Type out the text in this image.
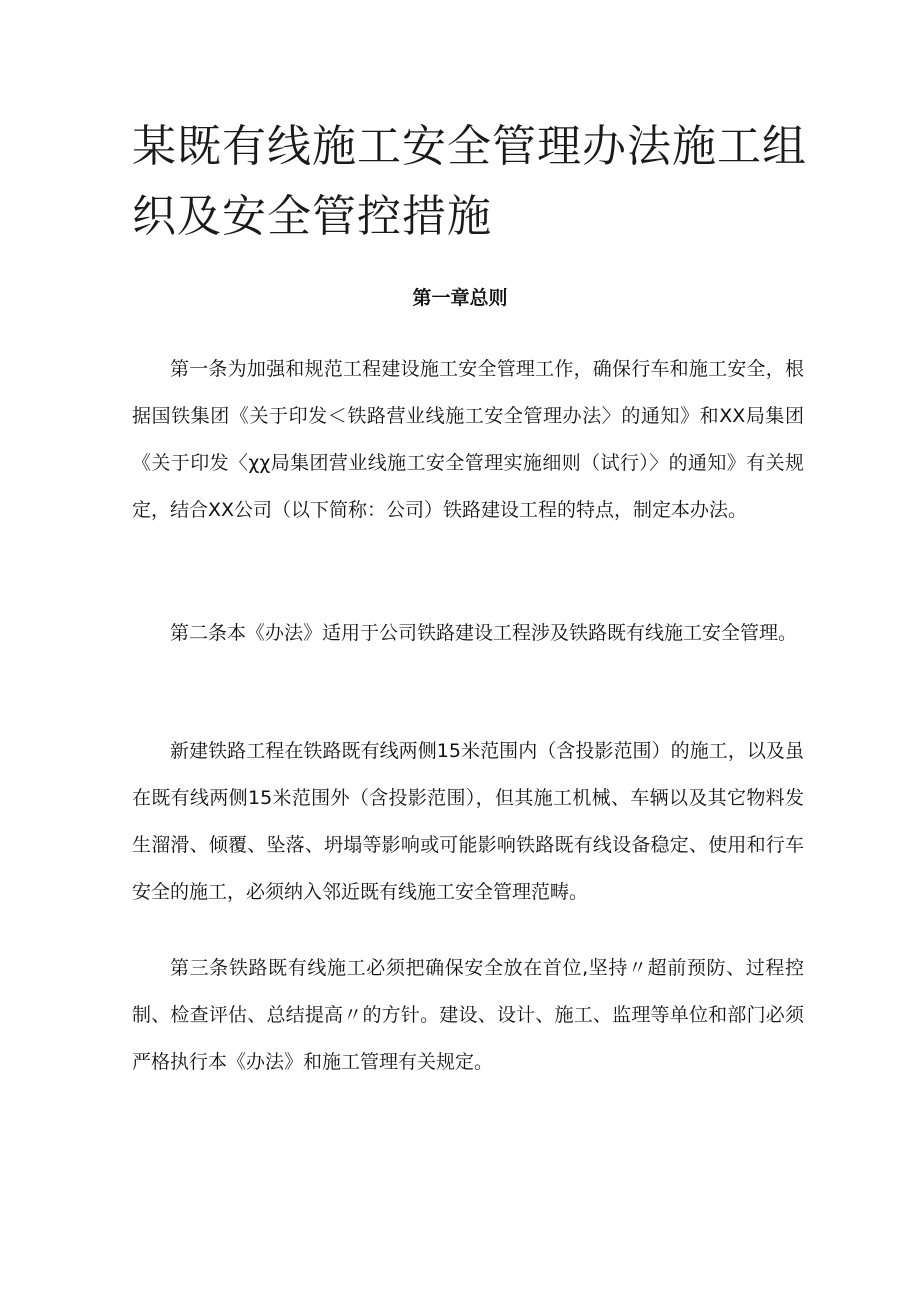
某既有线施工安全管理办法施工组织及安全管控措施
第一章总则

第一条为加强和规范工程建设施工安全管理工作，确保行车和施工安全，根据国铁集团《关于印发＜铁路营业线施工安全管理办法〉的通知》和XX局集团《关于印发〈χχ局集团营业线施工安全管理实施细则（试行）〉的通知》有关规定，结合XX公司（以下简称：公司）铁路建设工程的特点，制定本办法。

第二条本《办法》适用于公司铁路建设工程涉及铁路既有线施工安全管理。

新建铁路工程在铁路既有线两侧15米范围内（含投影范围）的施工，以及虽在既有线两侧15米范围外（含投影范围），但其施工机械、车辆以及其它物料发生溜滑、倾覆、坠落、坍塌等影响或可能影响铁路既有线设备稳定、使用和行车安全的施工，必须纳入邻近既有线施工安全管理范畴。

第三条铁路既有线施工必须把确保安全放在首位,坚持〃超前预防、过程控制、检查评估、总结提高〃的方针。建设、设计、施工、监理等单位和部门必须严格执行本《办法》和施工管理有关规定。
